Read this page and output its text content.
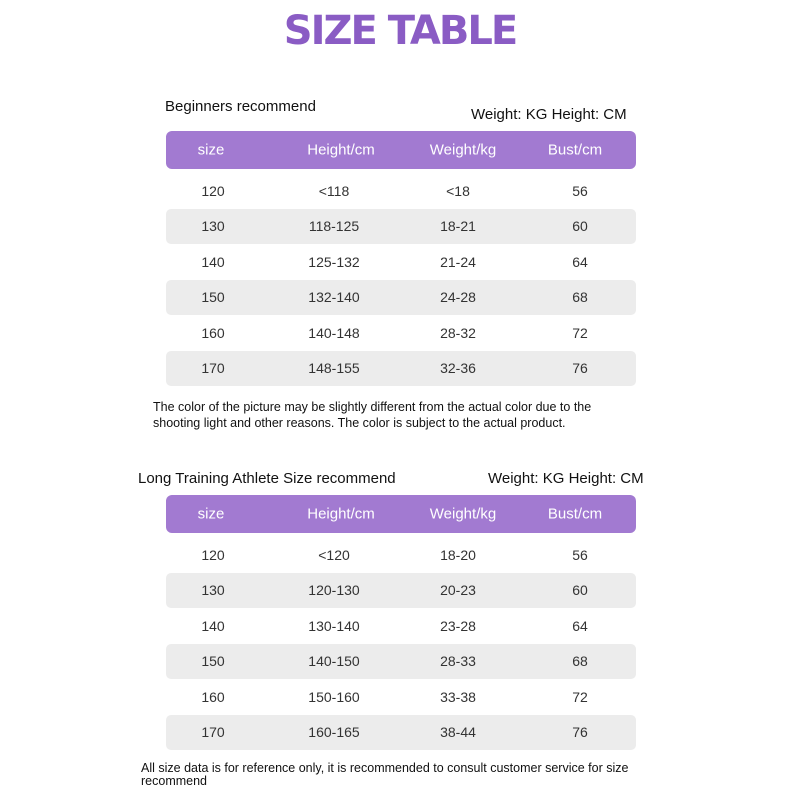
SIZE TABLE
Beginners recommend	Weight: KG Height: CM
size	Height/cm	Weight/kg	Bust/cm
120	<118	<18	56
130	118-125	18-21	60
140	125-132	21-24	64
150	132-140	24-28	68
160	140-148	28-32	72
170	148-155	32-36	76
The color of the picture may be slightly different from the actual color due to the shooting light and other reasons. The color is subject to the actual product.
Long Training Athlete Size recommend	Weight: KG Height: CM
size	Height/cm	Weight/kg	Bust/cm
120	<120	18-20	56
130	120-130	20-23	60
140	130-140	23-28	64
150	140-150	28-33	68
160	150-160	33-38	72
170	160-165	38-44	76
All size data is for reference only, it is recommended to consult customer service for size recommend
